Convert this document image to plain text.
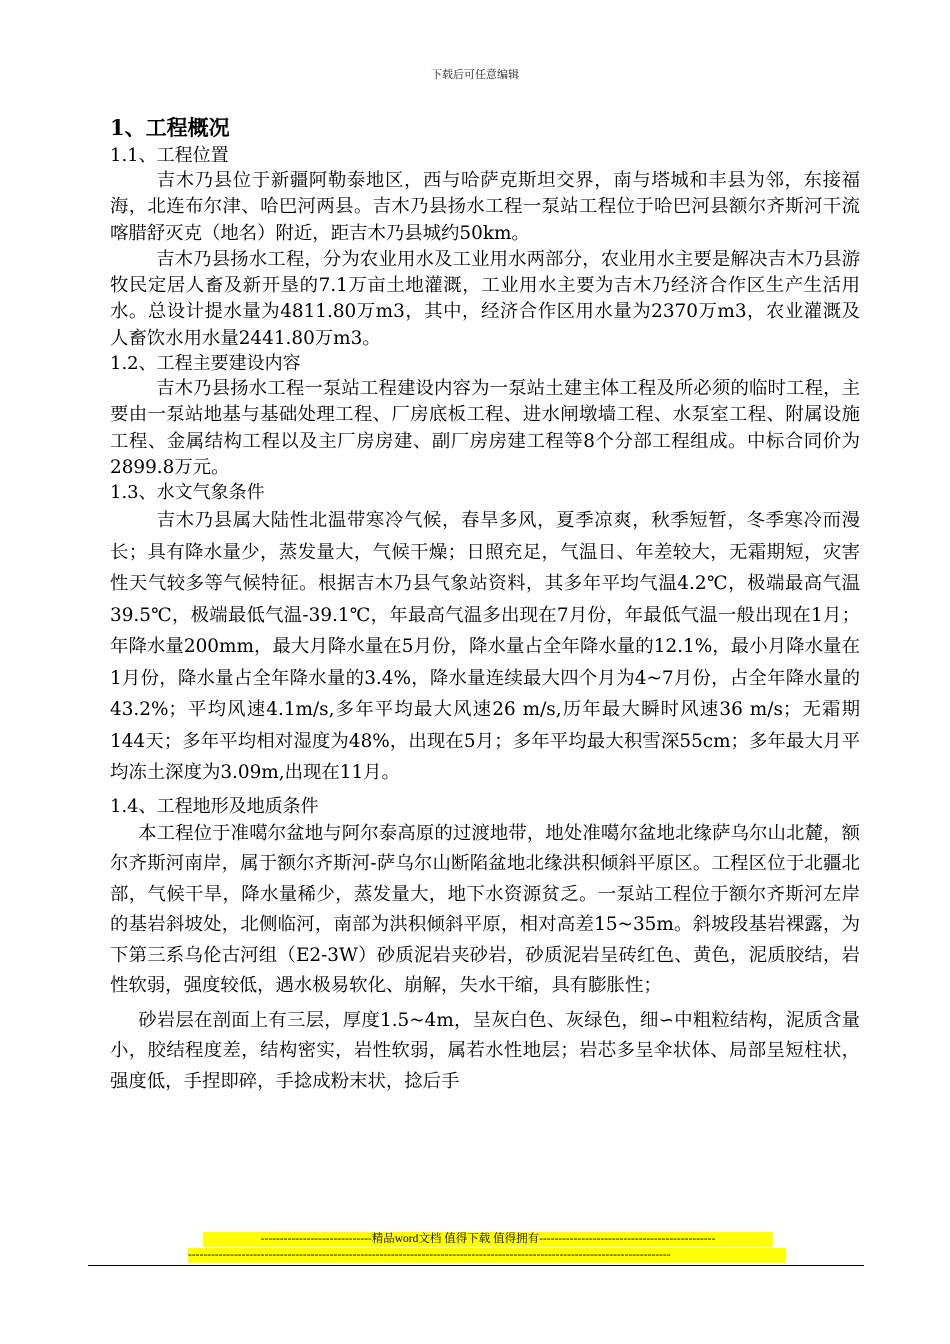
下载后可任意编辑
1、工程概况
1.1、工程位置

吉木乃县位于新疆阿勒泰地区，西与哈萨克斯坦交界，南与塔城和丰县为邻，东接福海，北连布尔津、哈巴河两县。吉木乃县扬水工程一泵站工程位于哈巴河县额尔齐斯河干流喀腊舒灭克（地名）附近，距吉木乃县城约50km。

吉木乃县扬水工程，分为农业用水及工业用水两部分，农业用水主要是解决吉木乃县游牧民定居人畜及新开垦的7.1万亩土地灌溉，工业用水主要为吉木乃经济合作区生产生活用水。总设计提水量为4811.80万m3，其中，经济合作区用水量为2370万m3，农业灌溉及人畜饮水用水量2441.80万m3。

1.2、工程主要建设内容

吉木乃县扬水工程一泵站工程建设内容为一泵站土建主体工程及所必须的临时工程，主要由一泵站地基与基础处理工程、厂房底板工程、进水闸墩墙工程、水泵室工程、附属设施工程、金属结构工程以及主厂房房建、副厂房房建工程等8个分部工程组成。中标合同价为2899.8万元。

1.3、水文气象条件

吉木乃县属大陆性北温带寒冷气候，春旱多风，夏季凉爽，秋季短暂，冬季寒冷而漫长；具有降水量少，蒸发量大，气候干燥；日照充足，气温日、年差较大，无霜期短，灾害性天气较多等气候特征。根据吉木乃县气象站资料，其多年平均气温4.2℃，极端最高气温39.5℃，极端最低气温-39.1℃，年最高气温多出现在7月份，年最低气温一般出现在1月；年降水量200mm，最大月降水量在5月份，降水量占全年降水量的12.1%，最小月降水量在1月份，降水量占全年降水量的3.4%，降水量连续最大四个月为4~7月份，占全年降水量的43.2%；平均风速4.1m/s,多年平均最大风速26 m/s,历年最大瞬时风速36 m/s；无霜期144天；多年平均相对湿度为48%，出现在5月；多年平均最大积雪深55cm；多年最大月平均冻土深度为3.09m,出现在11月。

1.4、工程地形及地质条件

本工程位于准噶尔盆地与阿尔泰高原的过渡地带，地处准噶尔盆地北缘萨乌尔山北麓，额尔齐斯河南岸，属于额尔齐斯河-萨乌尔山断陷盆地北缘洪积倾斜平原区。工程区位于北疆北部，气候干旱，降水量稀少，蒸发量大，地下水资源贫乏。一泵站工程位于额尔齐斯河左岸的基岩斜坡处，北侧临河，南部为洪积倾斜平原，相对高差15~35m。斜坡段基岩裸露，为下第三系乌伦古河组（E2-3W）砂质泥岩夹砂岩，砂质泥岩呈砖红色、黄色，泥质胶结，岩性软弱，强度较低，遇水极易软化、崩解，失水干缩，具有膨胀性；

砂岩层在剖面上有三层，厚度1.5~4m，呈灰白色、灰绿色，细∽中粗粒结构，泥质含量小，胶结程度差，结构密实，岩性软弱，属若水性地层；岩芯多呈伞状体、局部呈短柱状，强度低，手捏即碎，手捻成粉末状，捻后手

-----------------------------精品word文档 值得下载 值得拥有----------------------------------------------
------------------------------------------------------------------------------------------------------------------------------
